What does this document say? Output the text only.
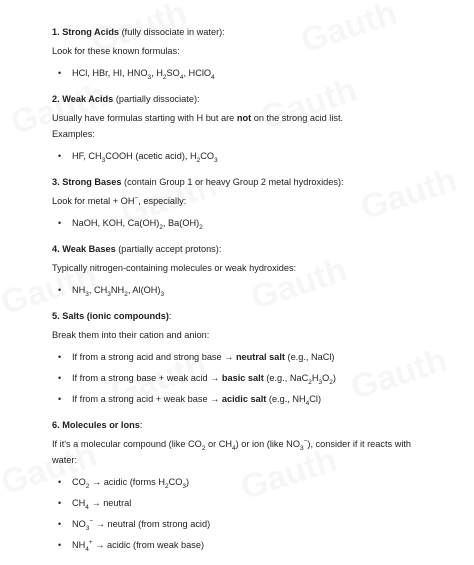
1. Strong Acids (fully dissociate in water):

Look for these known formulas:

• HCl, HBr, HI, $HNO_3$, $H_2SO_4$, HClO$_4$

2. Weak Acids (partially dissociate):

Usually have formulas starting with H but are not on the strong acid list.

Examples:

• HF, $CH_3COOH$ (acetic acid), $H_2CO_3$

3. Strong Bases (contain Group 1 or heavy Group 2 metal hydroxides):

Look for metal + OH−, especially:

• NaOH, KOH, $Ca(OH)_2$, $Ba(OH)_2$

4. Weak Bases (partially accept protons):

Typically nitrogen-containing molecules or weak hydroxides:

• $NH_3$, $CH_3NH_2$, $Al(OH)_3$

5. Salts (ionic compounds):

Break them into their cation and anion:

• If from a strong acid and strong base → neutral salt (e.g., NaCl)
• If from a strong base + weak acid → basic salt (e.g., $NaC_2H_3O_2$)
• If from a strong acid + weak base → acidic salt (e.g., $NH_4Cl$)

6. Molecules or Ions:

If it's a molecular compound (like $CO_2$ or $CH_4$) or ion (like $NO_3^-$), consider if it reacts with

water:

• $CO_2$ → acidic (forms $H_2CO_3$)
• $CH_4$ → neutral
• $NO_3^-$ → neutral (from strong acid)
• $NH_4^+$ → acidic (from weak base)
